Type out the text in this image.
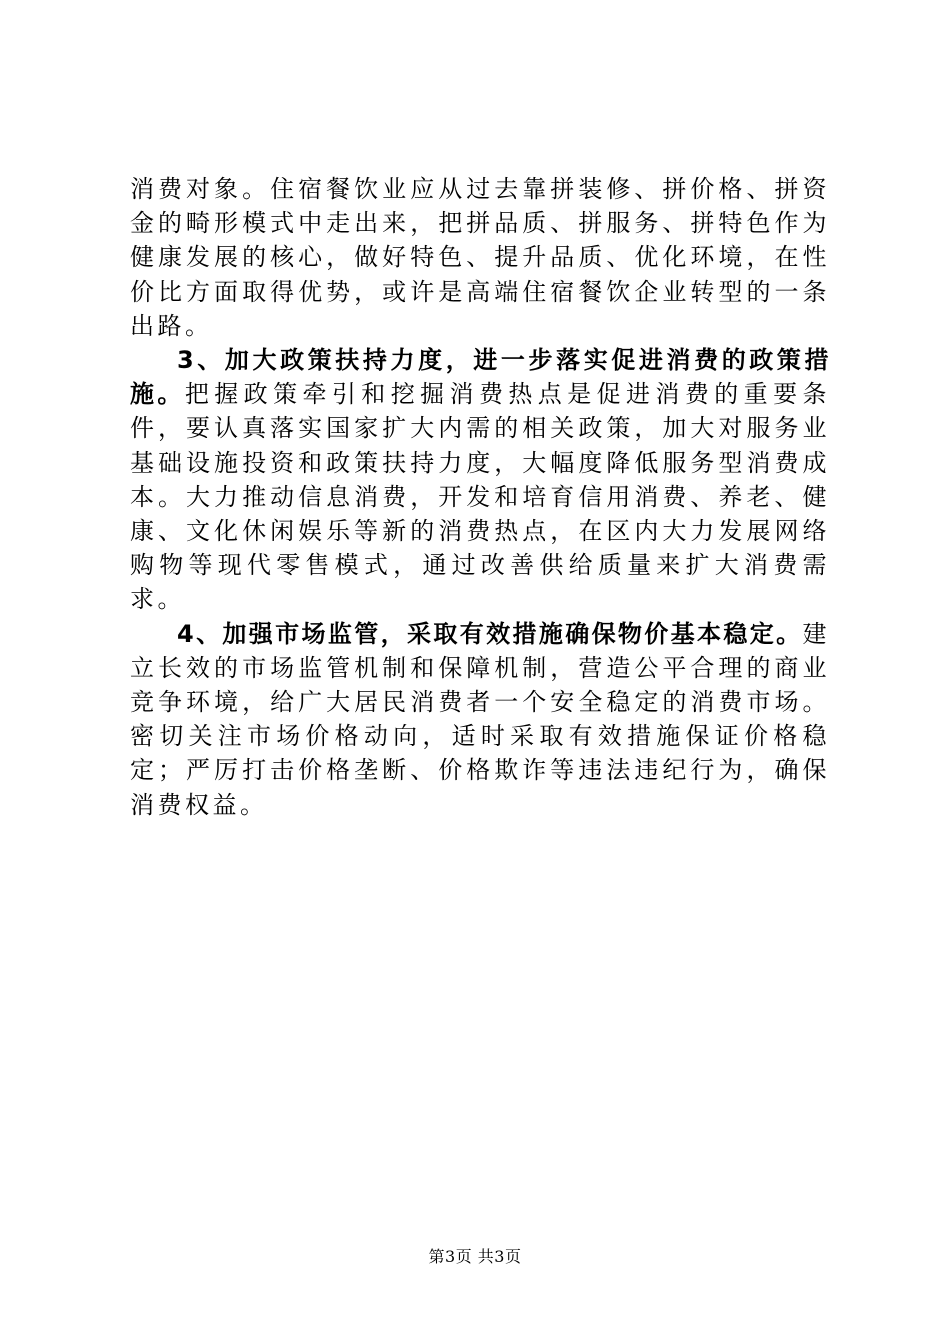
消费对象。住宿餐饮业应从过去靠拼装修、拼价格、拼资金的畸形模式中走出来，把拼品质、拼服务、拼特色作为健康发展的核心，做好特色、提升品质、优化环境，在性价比方面取得优势，或许是高端住宿餐饮企业转型的一条出路。

3、加大政策扶持力度，进一步落实促进消费的政策措施。把握政策牵引和挖掘消费热点是促进消费的重要条件，要认真落实国家扩大内需的相关政策，加大对服务业基础设施投资和政策扶持力度，大幅度降低服务型消费成本。大力推动信息消费，开发和培育信用消费、养老、健康、文化休闲娱乐等新的消费热点，在区内大力发展网络购物等现代零售模式，通过改善供给质量来扩大消费需求。

4、加强市场监管，采取有效措施确保物价基本稳定。建立长效的市场监管机制和保障机制，营造公平合理的商业竞争环境，给广大居民消费者一个安全稳定的消费市场。密切关注市场价格动向，适时采取有效措施保证价格稳定；严厉打击价格垄断、价格欺诈等违法违纪行为，确保消费权益。

第3页 共3页
